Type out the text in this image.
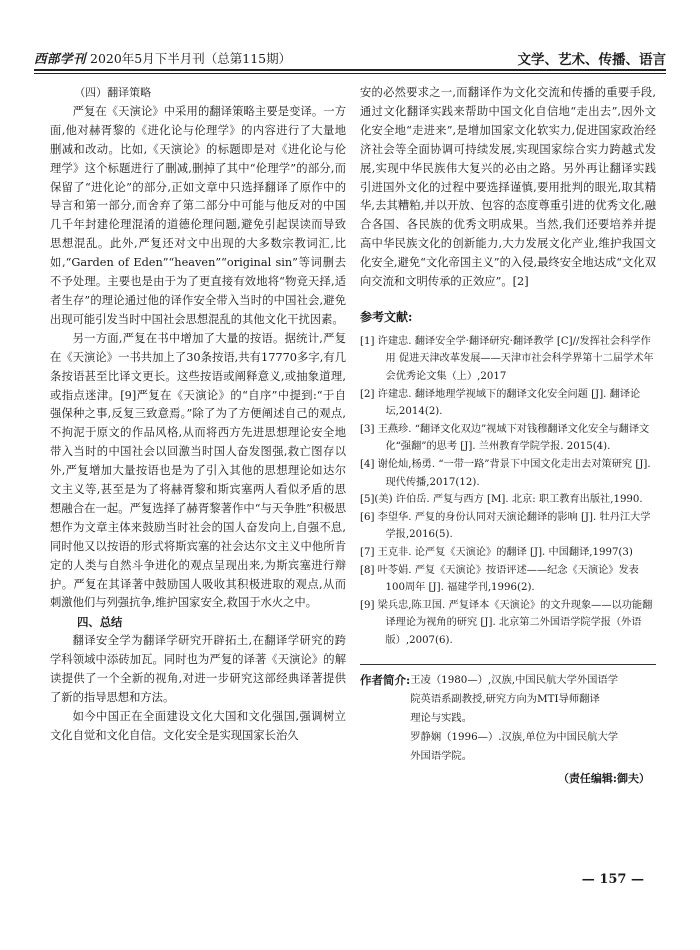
西部学刊 2020年5月下半月刊（总第115期）	文学、艺术、传播、语言
（四）翻译策略

严复在《天演论》中采用的翻译策略主要是变译。一方面,他对赫胥黎的《进化论与伦理学》的内容进行了大量地删减和改动。比如,《天演论》的标题即是对《进化论与伦理学》这个标题进行了删减,删掉了其中“伦理学”的部分,而保留了“进化论”的部分,正如文章中只选择翻译了原作中的导言和第一部分,而舍弃了第二部分中可能与他反对的中国几千年封建伦理混淆的道德伦理问题,避免引起误读而导致思想混乱。此外,严复还对文中出现的大多数宗教词汇,比如,“Garden of Eden”“heaven”“original sin”等词删去不予处理。主要也是由于为了更直接有效地将“物竞天择,适者生存”的理论通过他的译作安全带入当时的中国社会,避免出现可能引发当时中国社会思想混乱的其他文化干扰因素。

另一方面,严复在书中增加了大量的按语。据统计,严复在《天演论》一书共加上了30条按语,共有17770多字,有几条按语甚至比译文更长。这些按语或阐释意义,或抽象道理,或指点迷津。[9]严复在《天演论》的“自序”中提到:“于自强保种之事,反复三致意焉。”除了为了方便阐述自己的观点,不拘泥于原文的作品风格,从而将西方先进思想理论安全地带入当时的中国社会以回激当时国人奋发图强,救亡图存以外,严复增加大量按语也是为了引入其他的思想理论如达尔文主义等,甚至是为了将赫胥黎和斯宾塞两人看似矛盾的思想融合在一起。严复选择了赫胥黎著作中“与天争胜”积极思想作为文章主体来鼓励当时社会的国人奋发向上,自强不息,同时他又以按语的形式将斯宾塞的社会达尔文主义中他所肯定的人类与自然斗争进化的观点呈现出来,为斯宾塞进行辩护。严复在其译著中鼓励国人吸收其积极进取的观点,从而刺激他们与列强抗争,维护国家安全,救国于水火之中。

四、总结

翻译安全学为翻译学研究开辟拓土,在翻译学研究的跨学科领域中添砖加瓦。同时也为严复的译著《天演论》的解读提供了一个全新的视角,对进一步研究这部经典译著提供了新的指导思想和方法。

如今中国正在全面建设文化大国和文化强国,强调树立文化自觉和文化自信。文化安全是实现国家长治久

安的必然要求之一,而翻译作为文化交流和传播的重要手段,通过文化翻译实践来帮助中国文化自信地“走出去”,因外文化安全地“走进来”,是增加国家文化软实力,促进国家政治经济社会等全面协调可持续发展,实现国家综合实力跨越式发展,实现中华民族伟大复兴的必由之路。另外再让翻译实践引进国外文化的过程中要选择谨慎,要用批判的眼光,取其精华,去其糟粕,并以开放、包容的态度尊重引进的优秀文化,融合各国、各民族的优秀文明成果。当然,我们还要培养并提高中华民族文化的创新能力,大力发展文化产业,维护我国文化安全,避免“文化帝国主义”的入侵,最终安全地达成“文化双向交流和文明传承的正效应”。[2]

参考文献:
[1] 许建忠. 翻译安全学·翻译研究·翻译教学 [C]//发挥社会科学作用 促进天津改革发展——天津市社会科学界第十二届学术年会优秀论文集（上）,2017
[2] 许建忠. 翻译地理学视域下的翻译文化安全问题 [J]. 翻译论坛,2014(2).
[3] 王燕珍. “翻译文化双边”视域下对钱穆翻译文化安全与翻译文化“强翻”的思考 [J]. 兰州教育学院学报. 2015(4).
[4] 谢伦灿,杨勇. “一带一路”背景下中国文化走出去对策研究 [J]. 现代传播,2017(12).
[5](美) 许伯岳. 严复与西方 [M]. 北京: 职工教育出版社,1990.
[6] 李望华. 严复的身份认同对天演论翻译的影响 [J]. 牡丹江大学学报,2016(5).
[7] 王克非. 论严复《天演论》的翻译 [J]. 中国翻译,1997(3)
[8] 叶苓娟. 严复《天演论》按语评述——纪念《天演论》发表100周年 [J]. 福建学刊,1996(2).
[9] 梁兵忠,陈卫国. 严复译本《天演论》的文升现象——以功能翻译理论为视角的研究 [J]. 北京第二外国语学院学报（外语版）,2007(6).
作者简介: 王凌（1980—）,汉族,中国民航大学外国语学
院英语系副教授,研究方向为MTI导师翻译
理论与实践。
罗静娴（1996—）.汉族,单位为中国民航大学
外国语学院。
（责任编辑:御夫）
— 157 —
